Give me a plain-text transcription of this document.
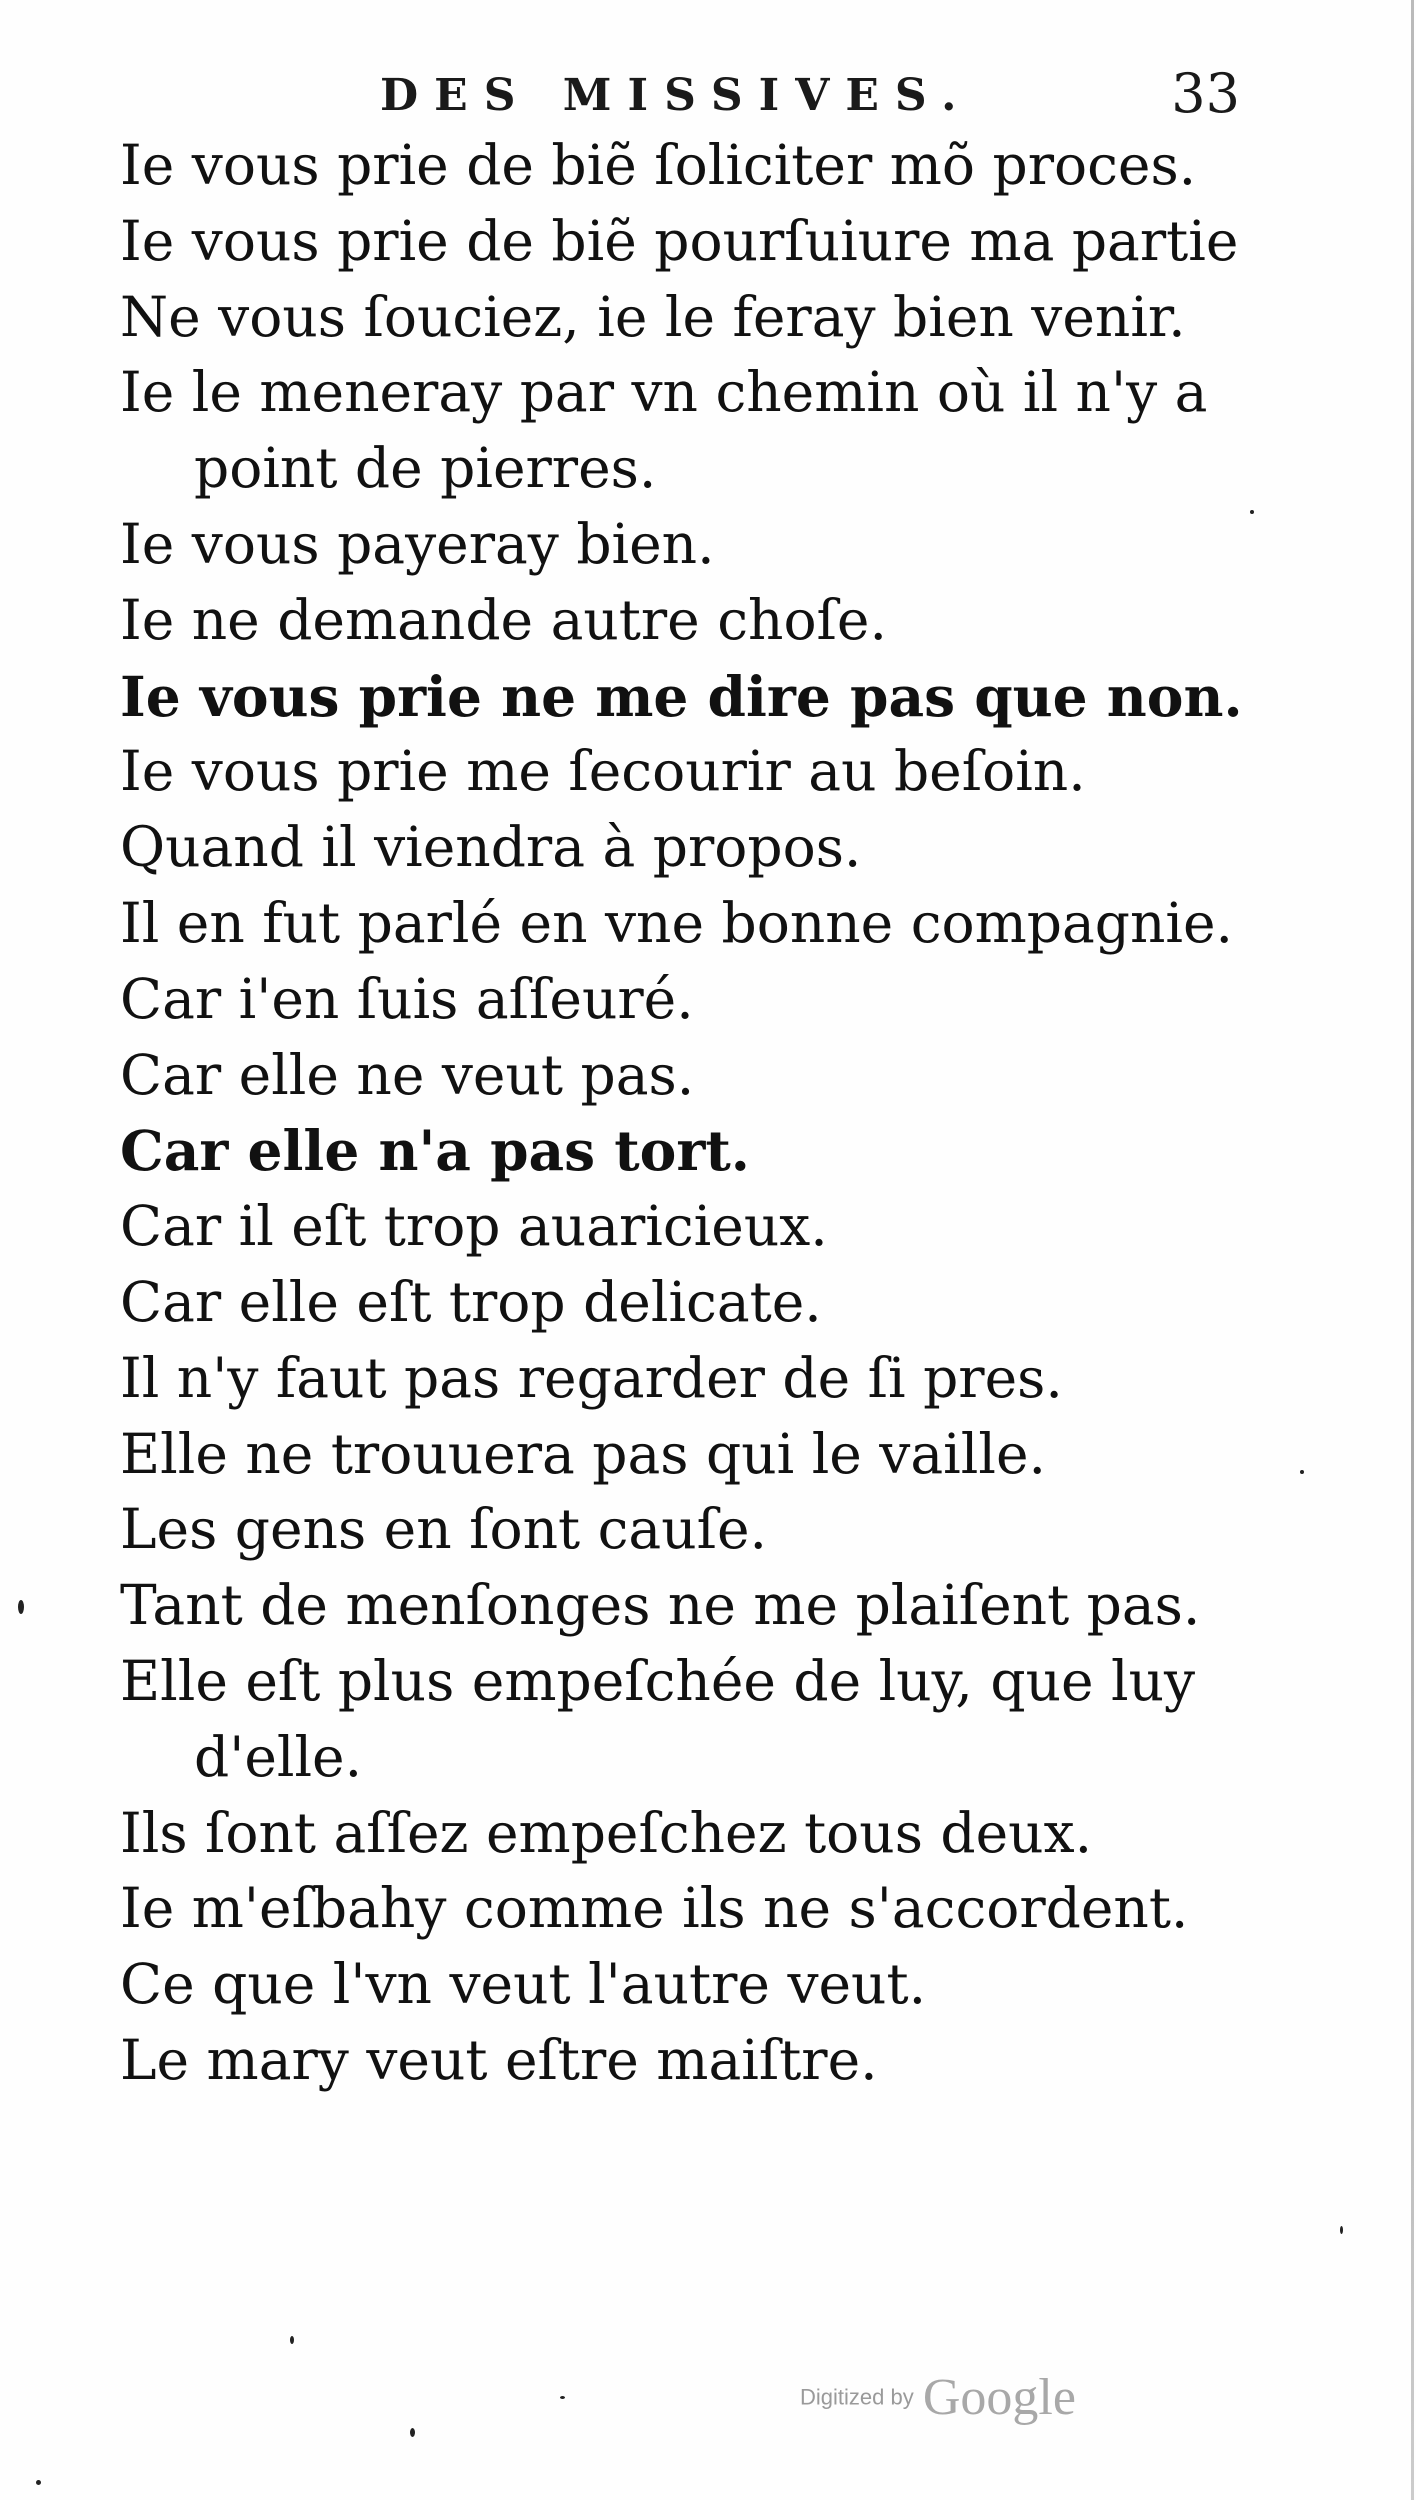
DES MISSIVES.	33
Ie vous prie de biẽ ſoliciter mõ proces.
Ie vous prie de biẽ pourſuiure ma partie
Ne vous ſouciez, ie le feray bien venir.
Ie le meneray par vn chemin où il n'y a
point de pierres.
Ie vous payeray bien.
Ie ne demande autre choſe.
Ie vous prie ne me dire pas que non.
Ie vous prie me ſecourir au beſoin.
Quand il viendra à propos.
Il en fut parlé en vne bonne compagnie.
Car i'en ſuis aſſeuré.
Car elle ne veut pas.
Car elle n'a pas tort.
Car il eſt trop auaricieux.
Car elle eſt trop delicate.
Il n'y faut pas regarder de ſi pres.
Elle ne trouuera pas qui le vaille.
Les gens en ſont cauſe.
Tant de menſonges ne me plaiſent pas.
Elle eſt plus empeſchée de luy, que luy
d'elle.
Ils ſont aſſez empeſchez tous deux.
Ie m'eſbahy comme ils ne s'accordent.
Ce que l'vn veut l'autre veut.
Le mary veut eſtre maiſtre.
Digitized by Google
